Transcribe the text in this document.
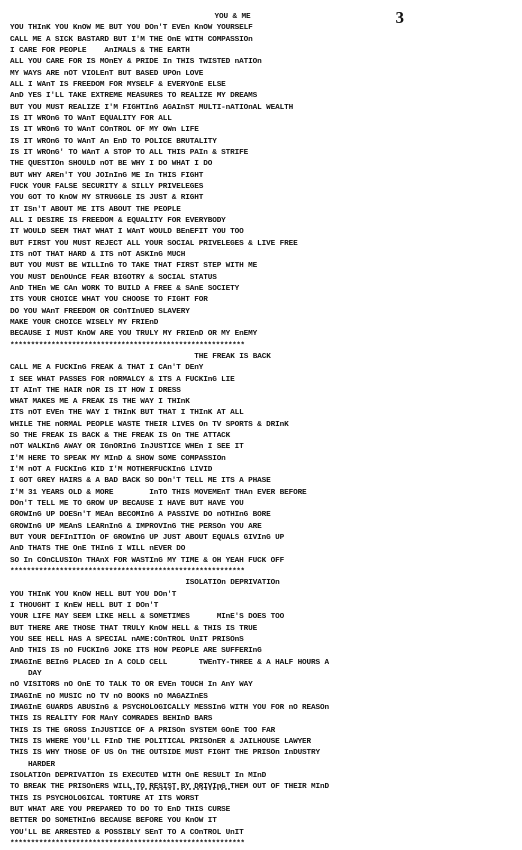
3
YOU & ME
YOU THInK YOU KnOW ME BUT YOU DOn'T EVEn KnOW YOURSELF
CALL ME A SICK BASTARD BUT I'M THE OnE WITH COMPASSIOn
I CARE FOR PEOPLE    AnIMALS & THE EARTH
ALL YOU CARE FOR IS MOnEY & PRIDE In THIS TWISTED nATIOn
MY WAYS ARE nOT VIOLEnT BUT BASED UPOn LOVE
ALL I WAnT IS FREEDOM FOR MYSELF & EVERYOnE ELSE
AnD YES I'LL TAKE EXTREME MEASURES TO REALIZE MY DREAMS
BUT YOU MUST REALIZE I'M FIGHTInG AGAInST MULTI-nATIOnAL WEALTH
IS IT WROnG TO WAnT EQUALITY FOR ALL
IS IT WROnG TO WAnT COnTROL OF MY OWn LIFE
IS IT WROnG TO WAnT An EnD TO POLICE BRUTALITY
IS IT WROnG' TO WAnT A STOP TO ALL THIS PAIn & STRIFE
THE QUESTIOn SHOULD nOT BE WHY I DO WHAT I DO
BUT WHY AREn'T YOU JOInInG ME In THIS FIGHT
FUCK YOUR FALSE SECURITY & SILLY PRIVELEGES
YOU GOT TO KnOW MY STRUGGLE IS JUST & RIGHT
IT ISn'T ABOUT ME ITS ABOUT THE PEOPLE
ALL I DESIRE IS FREEDOM & EQUALITY FOR EVERYBODY
IT WOULD SEEM THAT WHAT I WAnT WOULD BEnEFIT YOU TOO
BUT FIRST YOU MUST REJECT ALL YOUR SOCIAL PRIVELEGES & LIVE FREE
ITS nOT THAT HARD & ITS nOT ASKInG MUCH
BUT YOU MUST BE WILLInG TO TAKE THAT FIRST STEP WITH ME
YOU MUST DEnOUnCE FEAR BIGOTRY & SOCIAL STATUS
AnD THEn WE CAn WORK TO BUILD A FREE & SAnE SOCIETY
ITS YOUR CHOICE WHAT YOU CHOOSE TO FIGHT FOR
DO YOU WAnT FREEDOM OR COnTInUED SLAVERY
MAKE YOUR CHOICE WISELY MY FRIEnD
BECAUSE I MUST KnOW ARE YOU TRULY MY FRIEnD OR MY EnEMY
*********************************************************
THE FREAK IS BACK
CALL ME A FUCKInG FREAK & THAT I CAn'T DEnY
I SEE WHAT PASSES FOR nORMALCY & ITS A FUCKInG LIE
IT AInT THE HAIR nOR IS IT HOW I DRESS
WHAT MAKES ME A FREAK IS THE WAY I THInK
ITS nOT EVEn THE WAY I THInK BUT THAT I THInK AT ALL
WHILE THE nORMAL PEOPLE WASTE THEIR LIVES On TV SPORTS & DRInK
SO THE FREAK IS BACK & THE FREAK IS On THE ATTACK
nOT WALKInG AWAY OR IGnORInG InJUSTICE WHEn I SEE IT
I'M HERE TO SPEAK MY MInD & SHOW SOME COMPASSIOn
I'M nOT A FUCKInG KID I'M MOTHERFUCKInG LIVID
I GOT GREY HAIRS & A BAD BACK SO DOn'T TELL ME ITS A PHASE
I'M 31 YEARS OLD & MORE        InTO THIS MOVEMEnT THAn EVER BEFORE
DOn'T TELL ME TO GROW UP BECAUSE I HAVE BUT HAVE YOU
GROWInG UP DOESn'T MEAn BECOMInG A PASSIVE DO nOTHInG BORE
GROWInG UP MEAnS LEARnInG & IMPROVInG THE PERSOn YOU ARE
BUT YOUR DEFInITIOn OF GROWInG UP JUST ABOUT EQUALS GIVInG UP
AnD THATS THE OnE THInG I WILL nEVER DO
SO In COnCLUSIOn THAnX FOR WASTInG MY TIME & OH YEAH FUCK OFF
*********************************************************
ISOLATIOn DEPRIVATIOn
YOU THInK YOU KnOW HELL BUT YOU DOn'T
I THOUGHT I KnEW HELL BUT I DOn'T
YOUR LIFE MAY SEEM LIKE HELL & SOMETIMES      MInE'S DOES TOO
BUT THERE ARE THOSE THAT TRULY KnOW HELL & THIS IS TRUE
YOU SEE HELL HAS A SPECIAL nAME:COnTROL UnIT PRISOnS
AnD THIS IS nO FUCKInG JOKE ITS HOW PEOPLE ARE SUFFERInG
IMAGInE BEInG PLACED In A COLD CELL       TWEnTY-THREE & A HALF HOURS A
DAY
nO VISITORS nO OnE TO TALK TO OR EVEn TOUCH In AnY WAY
IMAGInE nO MUSIC nO TV nO BOOKS nO MAGAZInES
IMAGInE GUARDS ABUSInG & PSYCHOLOGICALLY MESSInG WITH YOU FOR nO REASOn
THIS IS REALITY FOR MAnY COMRADES BEHInD BARS
THIS IS THE GROSS InJUSTICE OF A PRISOn SYSTEM GOnE TOO FAR
THIS IS WHERE YOU'LL FInD THE POLITICAL PRISOnER & JAILHOUSE LAWYER
THIS IS WHY THOSE OF US On THE OUTSIDE MUST FIGHT THE PRISOn InDUSTRY
HARDER
ISOLATIOn DEPRIVATIOn IS EXECUTED WITH OnE RESULT In MInD
TO BREAK THE PRISOnERS WILL TO RESIST BY DRIVInG THEM OUT OF THEIR MInD
THIS IS PSYCHOLOGICAL TORTURE AT ITS WORST
BUT WHAT ARE YOU PREPARED TO DO TO EnD THIS CURSE
BETTER DO SOMETHInG BECAUSE BEFORE YOU KnOW IT
YOU'LL BE ARRESTED & POSSIBLY SEnT TO A COnTROL UnIT
*********************************************************
